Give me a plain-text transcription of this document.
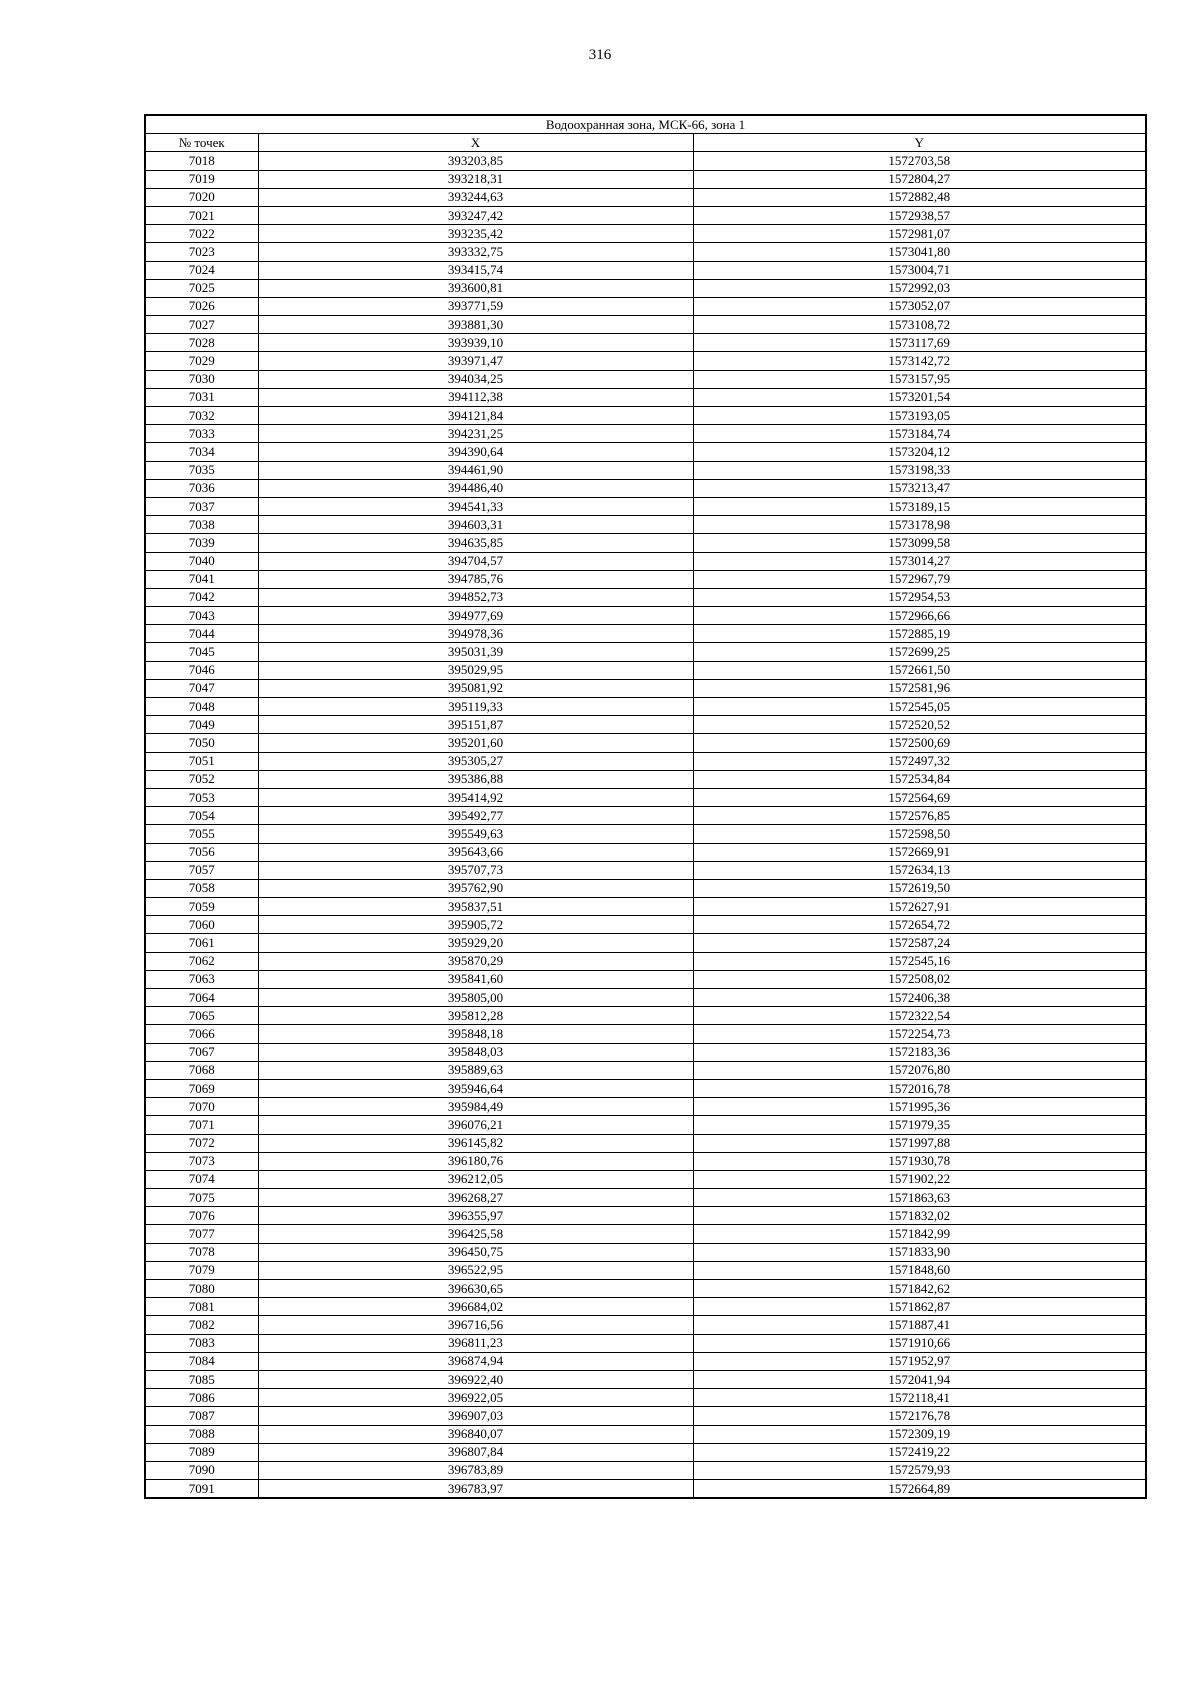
316
Водоохранная зона, МСК-66, зона 1		
№ точек	X	Y
7018	393203,85	1572703,58
7019	393218,31	1572804,27
7020	393244,63	1572882,48
7021	393247,42	1572938,57
7022	393235,42	1572981,07
7023	393332,75	1573041,80
7024	393415,74	1573004,71
7025	393600,81	1572992,03
7026	393771,59	1573052,07
7027	393881,30	1573108,72
7028	393939,10	1573117,69
7029	393971,47	1573142,72
7030	394034,25	1573157,95
7031	394112,38	1573201,54
7032	394121,84	1573193,05
7033	394231,25	1573184,74
7034	394390,64	1573204,12
7035	394461,90	1573198,33
7036	394486,40	1573213,47
7037	394541,33	1573189,15
7038	394603,31	1573178,98
7039	394635,85	1573099,58
7040	394704,57	1573014,27
7041	394785,76	1572967,79
7042	394852,73	1572954,53
7043	394977,69	1572966,66
7044	394978,36	1572885,19
7045	395031,39	1572699,25
7046	395029,95	1572661,50
7047	395081,92	1572581,96
7048	395119,33	1572545,05
7049	395151,87	1572520,52
7050	395201,60	1572500,69
7051	395305,27	1572497,32
7052	395386,88	1572534,84
7053	395414,92	1572564,69
7054	395492,77	1572576,85
7055	395549,63	1572598,50
7056	395643,66	1572669,91
7057	395707,73	1572634,13
7058	395762,90	1572619,50
7059	395837,51	1572627,91
7060	395905,72	1572654,72
7061	395929,20	1572587,24
7062	395870,29	1572545,16
7063	395841,60	1572508,02
7064	395805,00	1572406,38
7065	395812,28	1572322,54
7066	395848,18	1572254,73
7067	395848,03	1572183,36
7068	395889,63	1572076,80
7069	395946,64	1572016,78
7070	395984,49	1571995,36
7071	396076,21	1571979,35
7072	396145,82	1571997,88
7073	396180,76	1571930,78
7074	396212,05	1571902,22
7075	396268,27	1571863,63
7076	396355,97	1571832,02
7077	396425,58	1571842,99
7078	396450,75	1571833,90
7079	396522,95	1571848,60
7080	396630,65	1571842,62
7081	396684,02	1571862,87
7082	396716,56	1571887,41
7083	396811,23	1571910,66
7084	396874,94	1571952,97
7085	396922,40	1572041,94
7086	396922,05	1572118,41
7087	396907,03	1572176,78
7088	396840,07	1572309,19
7089	396807,84	1572419,22
7090	396783,89	1572579,93
7091	396783,97	1572664,89
